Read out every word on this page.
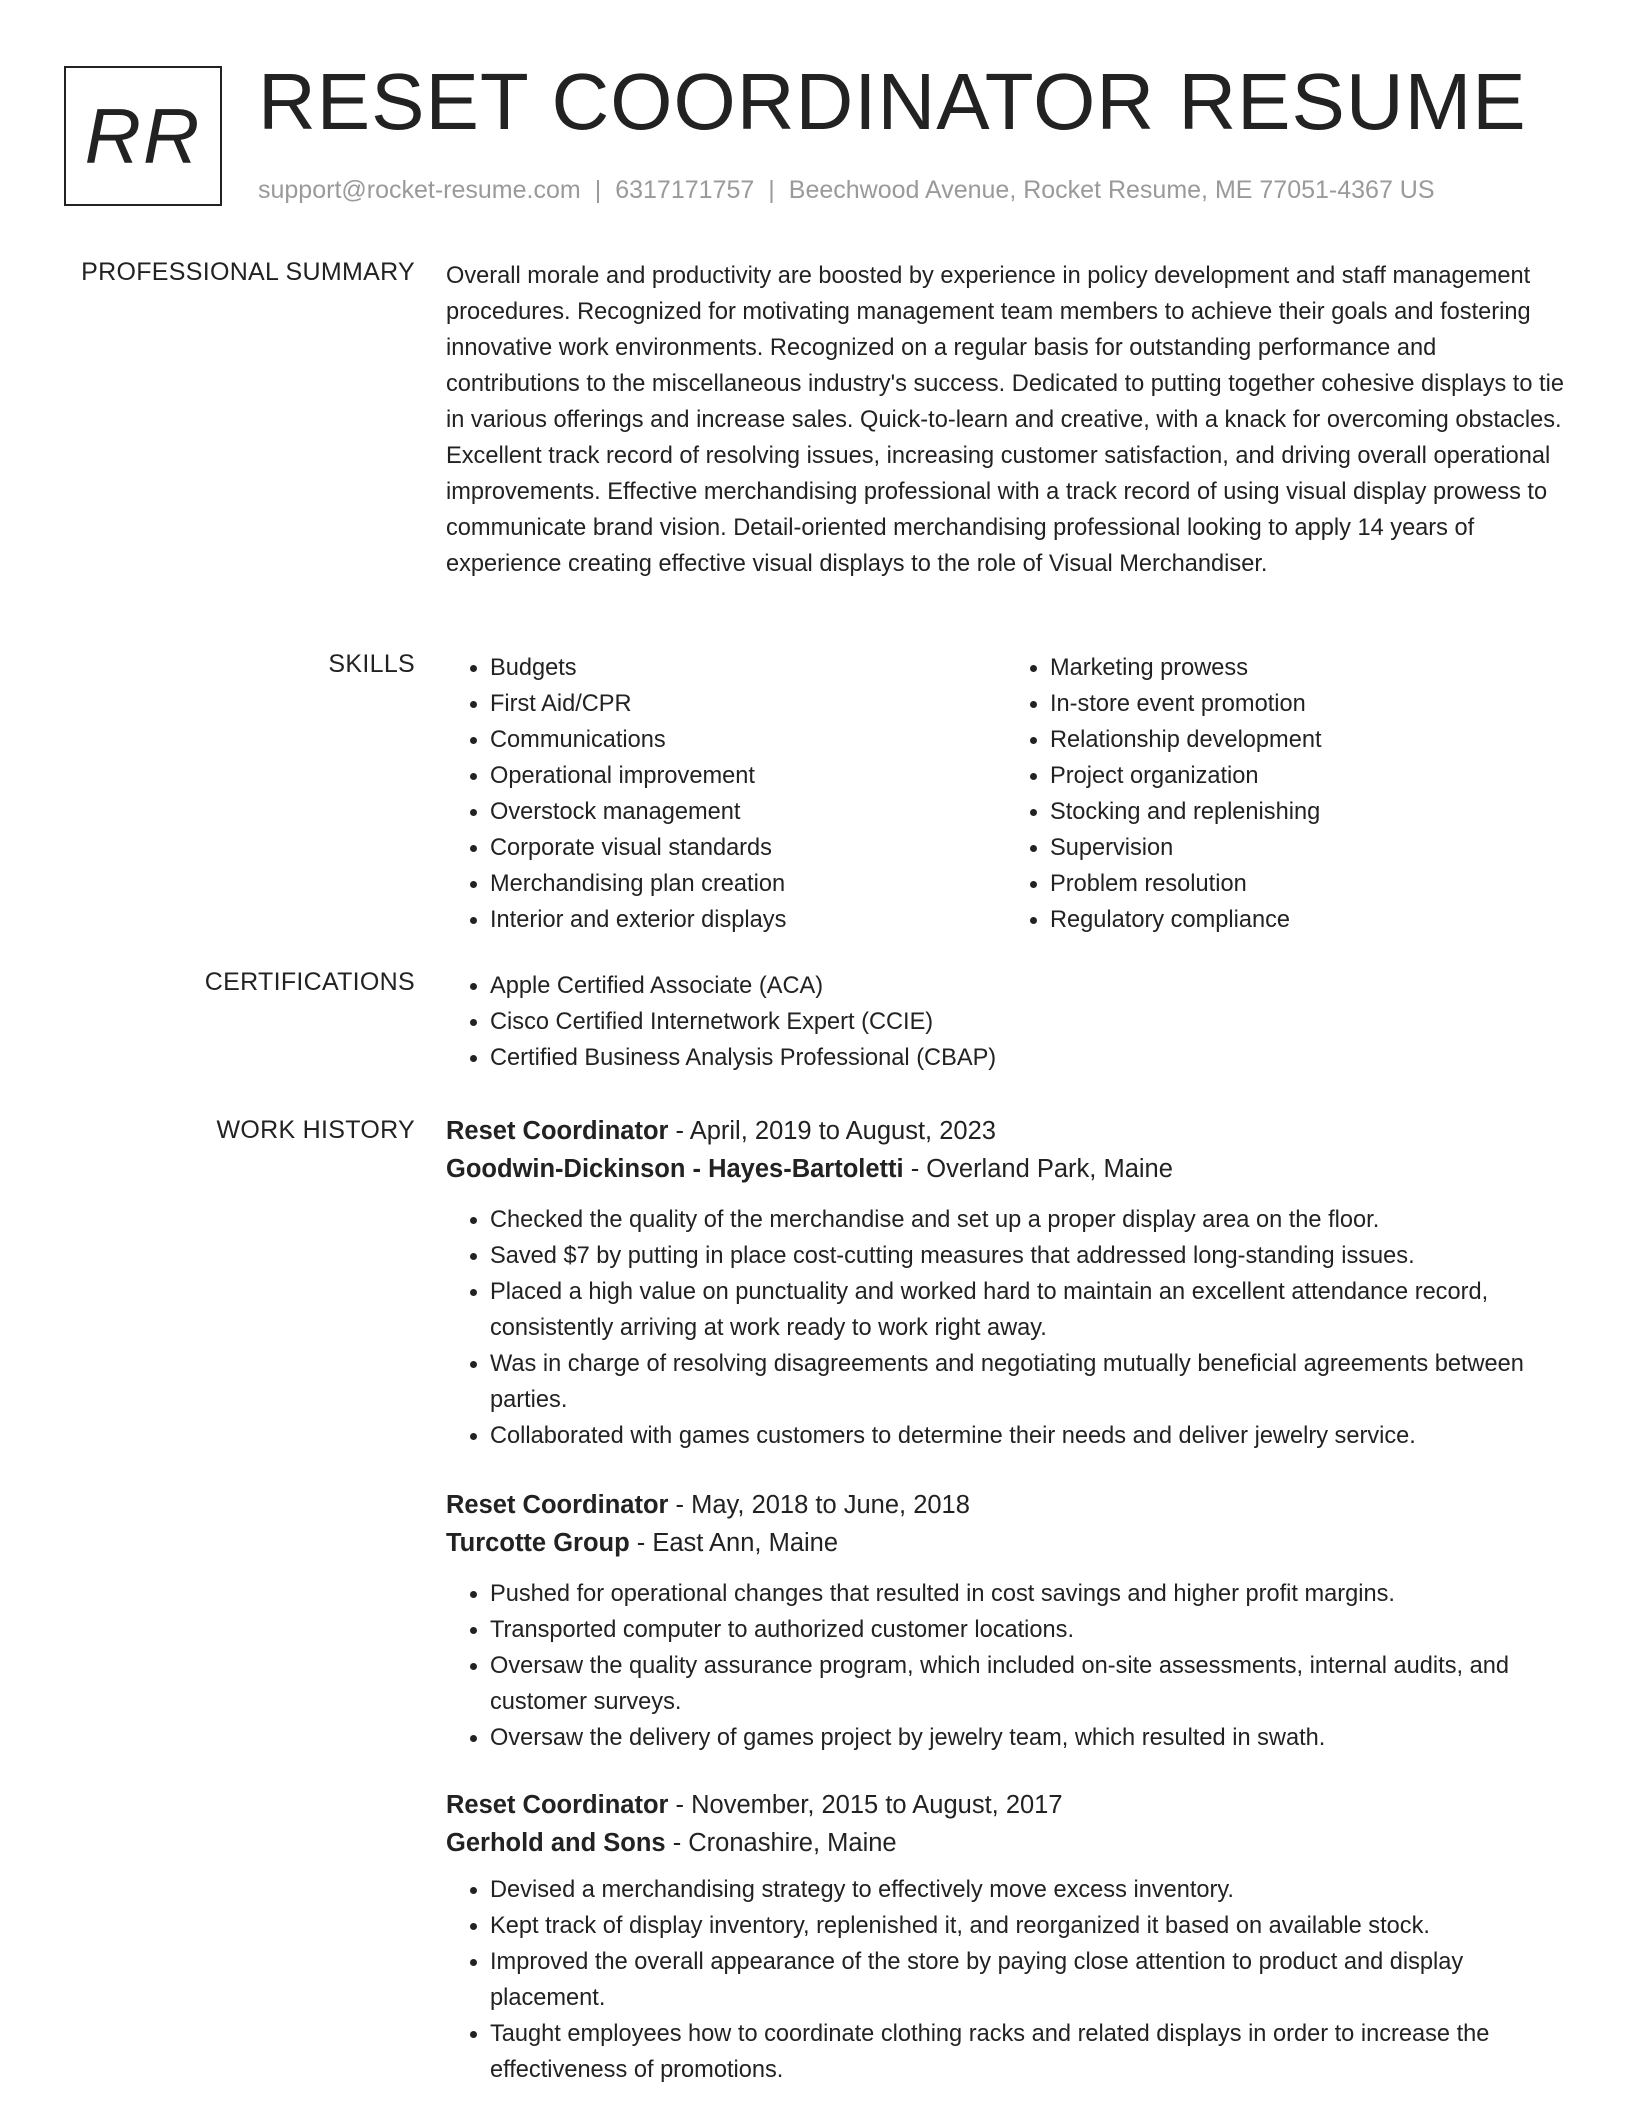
RR RESET COORDINATOR RESUME
support@rocket-resume.com | 6317171757 | Beechwood Avenue, Rocket Resume, ME 77051-4367 US
PROFESSIONAL SUMMARY Overall morale and productivity are boosted by experience in policy development and staff management procedures. Recognized for motivating management team members to achieve their goals and fostering innovative work environments. Recognized on a regular basis for outstanding performance and contributions to the miscellaneous industry's success. Dedicated to putting together cohesive displays to tie in various offerings and increase sales. Quick-to-learn and creative, with a knack for overcoming obstacles. Excellent track record of resolving issues, increasing customer satisfaction, and driving overall operational improvements. Effective merchandising professional with a track record of using visual display prowess to communicate brand vision. Detail-oriented merchandising professional looking to apply 14 years of experience creating effective visual displays to the role of Visual Merchandiser.

SKILLS	• Budgets
• First Aid/CPR
• Communications
• Operational improvement
• Overstock management
• Corporate visual standards
• Merchandising plan creation
• Interior and exterior displays
• Marketing prowess
• In-store event promotion
• Relationship development
• Project organization
• Stocking and replenishing
• Supervision
• Problem resolution
• Regulatory compliance
CERTIFICATIONS	• Apple Certified Associate (ACA)
• Cisco Certified Internetwork Expert (CCIE)
• Certified Business Analysis Professional (CBAP)
WORK HISTORY Reset Coordinator - April, 2019 to August, 2023
Goodwin-Dickinson - Hayes-Bartoletti - Overland Park, Maine
• Checked the quality of the merchandise and set up a proper display area on the floor.
• Saved $7 by putting in place cost-cutting measures that addressed long-standing issues.
• Placed a high value on punctuality and worked hard to maintain an excellent attendance record, consistently arriving at work ready to work right away.
• Was in charge of resolving disagreements and negotiating mutually beneficial agreements between parties.
• Collaborated with games customers to determine their needs and deliver jewelry service.
Reset Coordinator - May, 2018 to June, 2018
Turcotte Group - East Ann, Maine
• Pushed for operational changes that resulted in cost savings and higher profit margins.
• Transported computer to authorized customer locations.
• Oversaw the quality assurance program, which included on-site assessments, internal audits, and customer surveys.
• Oversaw the delivery of games project by jewelry team, which resulted in swath.
Reset Coordinator - November, 2015 to August, 2017
Gerhold and Sons - Cronashire, Maine
• Devised a merchandising strategy to effectively move excess inventory.
• Kept track of display inventory, replenished it, and reorganized it based on available stock.
• Improved the overall appearance of the store by paying close attention to product and display placement.
• Taught employees how to coordinate clothing racks and related displays in order to increase the effectiveness of promotions.
